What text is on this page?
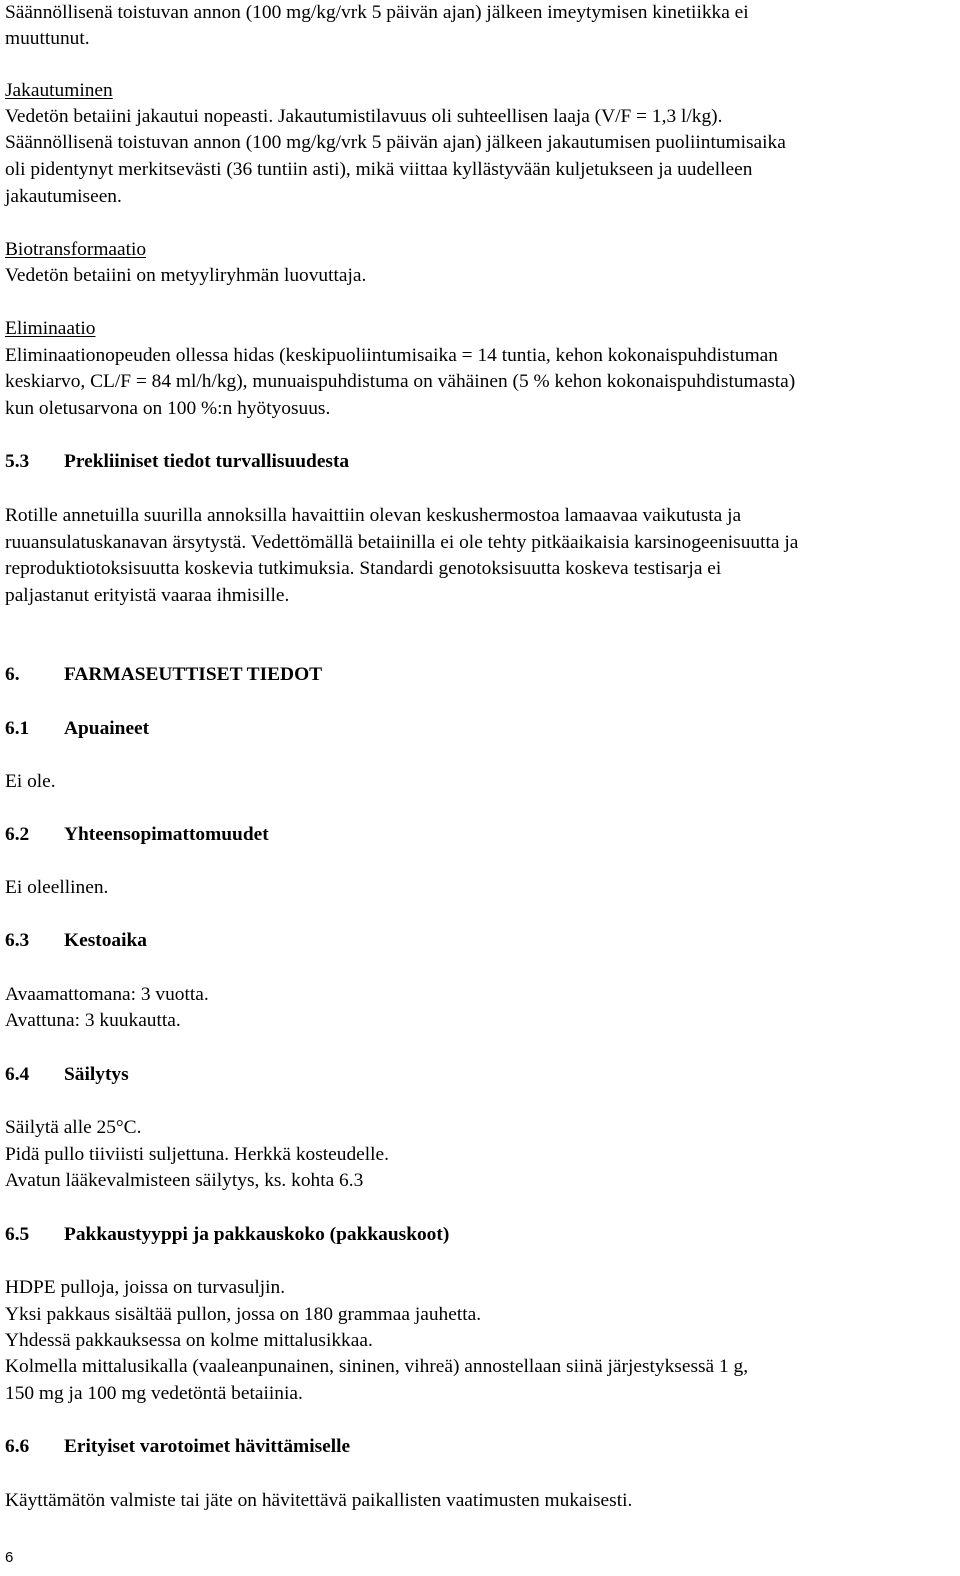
Säännöllisenä toistuvan annon (100 mg/kg/vrk 5 päivän ajan) jälkeen imeytymisen kinetiikka ei
muuttunut.
Jakautuminen
Vedetön betaiini jakautui nopeasti. Jakautumistilavuus oli suhteellisen laaja (V/F = 1,3 l/kg).
Säännöllisenä toistuvan annon (100 mg/kg/vrk 5 päivän ajan) jälkeen jakautumisen puoliintumisaika
oli pidentynyt merkitsevästi (36 tuntiin asti), mikä viittaa kyllästyvään kuljetukseen ja uudelleen
jakautumiseen.
Biotransformaatio
Vedetön betaiini on metyyliryhmän luovuttaja.
Eliminaatio
Eliminaationopeuden ollessa hidas (keskipuoliintumisaika = 14 tuntia, kehon kokonaispuhdistuman
keskiarvo, CL/F = 84 ml/h/kg), munuaispuhdistuma on vähäinen (5 % kehon kokonaispuhdistumasta)
kun oletusarvona on 100 %:n hyötyosuus.
5.3 Prekliiniset tiedot turvallisuudesta
Rotille annetuilla suurilla annoksilla havaittiin olevan keskushermostoa lamaavaa vaikutusta ja
ruuansulatuskanavan ärsytystä. Vedettömällä betaiinilla ei ole tehty pitkäaikaisia karsinogeenisuutta ja
reproduktiotoksisuutta koskevia tutkimuksia. Standardi genotoksisuutta koskeva testisarja ei
paljastanut erityistä vaaraa ihmisille.
6. FARMASEUTTISET TIEDOT
6.1 Apuaineet
Ei ole.
6.2 Yhteensopimattomuudet
Ei oleellinen.
6.3 Kestoaika
Avaamattomana: 3 vuotta.
Avattuna: 3 kuukautta.
6.4 Säilytys
Säilytä alle 25°C.
Pidä pullo tiiviisti suljettuna. Herkkä kosteudelle.
Avatun lääkevalmisteen säilytys, ks. kohta 6.3
6.5 Pakkaustyyppi ja pakkauskoko (pakkauskoot)
HDPE pulloja, joissa on turvasuljin.
Yksi pakkaus sisältää pullon, jossa on 180 grammaa jauhetta.
Yhdessä pakkauksessa on kolme mittalusikkaa.
Kolmella mittalusikalla (vaaleanpunainen, sininen, vihreä) annostellaan siinä järjestyksessä 1 g,
150 mg ja 100 mg vedetöntä betaiinia.
6.6 Erityiset varotoimet hävittämiselle
Käyttämätön valmiste tai jäte on hävitettävä paikallisten vaatimusten mukaisesti.
6
